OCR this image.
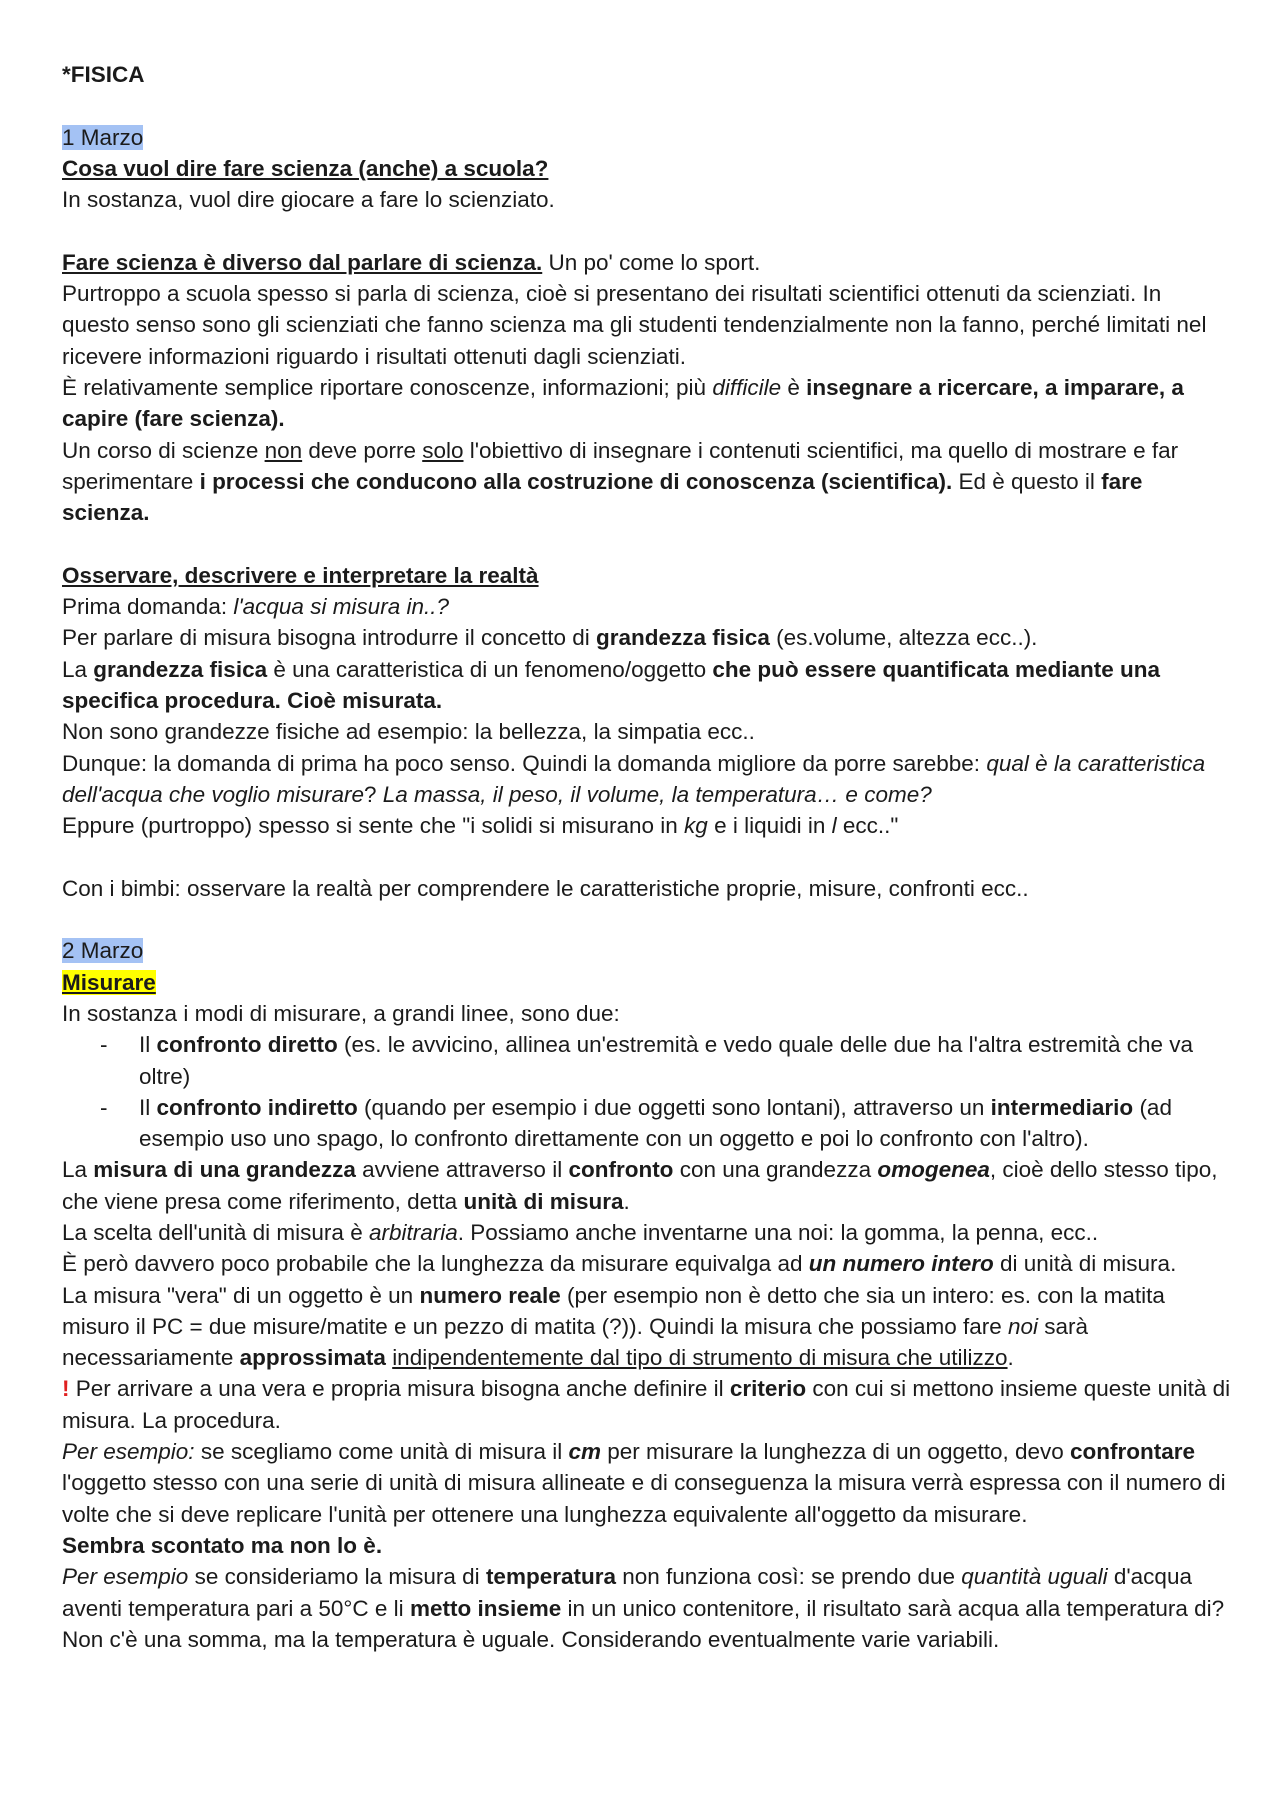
*FISICA

1 Marzo

Cosa vuol dire fare scienza (anche) a scuola?

In sostanza, vuol dire giocare a fare lo scienziato.

Fare scienza è diverso dal parlare di scienza. Un po' come lo sport.

Purtroppo a scuola spesso si parla di scienza, cioè si presentano dei risultati scientifici ottenuti da scienziati. In questo senso sono gli scienziati che fanno scienza ma gli studenti tendenzialmente non la fanno, perché limitati nel ricevere informazioni riguardo i risultati ottenuti dagli scienziati.

È relativamente semplice riportare conoscenze, informazioni; più difficile è insegnare a ricercare, a imparare, a capire (fare scienza).

Un corso di scienze non deve porre solo l'obiettivo di insegnare i contenuti scientifici, ma quello di mostrare e far sperimentare i processi che conducono alla costruzione di conoscenza (scientifica). Ed è questo il fare scienza.

Osservare, descrivere e interpretare la realtà

Prima domanda: l'acqua si misura in..?

Per parlare di misura bisogna introdurre il concetto di grandezza fisica (es.volume, altezza ecc..).

La grandezza fisica è una caratteristica di un fenomeno/oggetto che può essere quantificata mediante una specifica procedura. Cioè misurata.

Non sono grandezze fisiche ad esempio: la bellezza, la simpatia ecc..

Dunque: la domanda di prima ha poco senso. Quindi la domanda migliore da porre sarebbe: qual è la caratteristica dell'acqua che voglio misurare? La massa, il peso, il volume, la temperatura… e come?

Eppure (purtroppo) spesso si sente che "i solidi si misurano in kg e i liquidi in l ecc.."

Con i bimbi: osservare la realtà per comprendere le caratteristiche proprie, misure, confronti ecc..

2 Marzo

Misurare

In sostanza i modi di misurare, a grandi linee, sono due:

- Il confronto diretto (es. le avvicino, allinea un'estremità e vedo quale delle due ha l'altra estremità che va oltre)
- Il confronto indiretto (quando per esempio i due oggetti sono lontani), attraverso un intermediario (ad esempio uso uno spago, lo confronto direttamente con un oggetto e poi lo confronto con l'altro).

La misura di una grandezza avviene attraverso il confronto con una grandezza omogenea, cioè dello stesso tipo, che viene presa come riferimento, detta unità di misura.

La scelta dell'unità di misura è arbitraria. Possiamo anche inventarne una noi: la gomma, la penna, ecc..

È però davvero poco probabile che la lunghezza da misurare equivalga ad un numero intero di unità di misura.

La misura "vera" di un oggetto è un numero reale (per esempio non è detto che sia un intero: es. con la matita misuro il PC = due misure/matite e un pezzo di matita (?)). Quindi la misura che possiamo fare noi sarà necessariamente approssimata indipendentemente dal tipo di strumento di misura che utilizzo.

! Per arrivare a una vera e propria misura bisogna anche definire il criterio con cui si mettono insieme queste unità di misura. La procedura.

Per esempio: se scegliamo come unità di misura il cm per misurare la lunghezza di un oggetto, devo confrontare l'oggetto stesso con una serie di unità di misura allineate e di conseguenza la misura verrà espressa con il numero di volte che si deve replicare l'unità per ottenere una lunghezza equivalente all'oggetto da misurare.

Sembra scontato ma non lo è.

Per esempio se consideriamo la misura di temperatura non funziona così: se prendo due quantità uguali d'acqua aventi temperatura pari a 50°C e li metto insieme in un unico contenitore, il risultato sarà acqua alla temperatura di?

Non c'è una somma, ma la temperatura è uguale. Considerando eventualmente varie variabili.
